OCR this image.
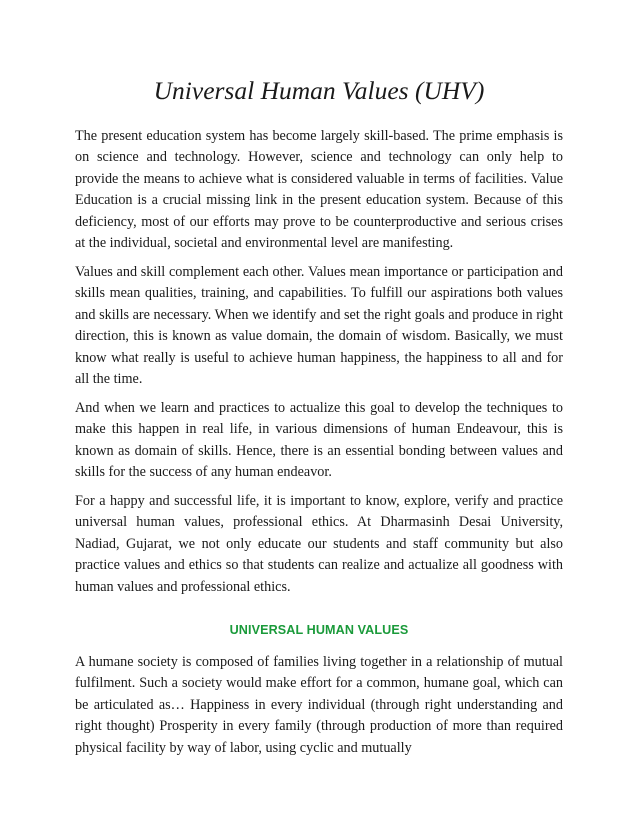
Universal Human Values (UHV)

The present education system has become largely skill-based. The prime emphasis is on science and technology. However, science and technology can only help to provide the means to achieve what is considered valuable in terms of facilities. Value Education is a crucial missing link in the present education system. Because of this deficiency, most of our efforts may prove to be counterproductive and serious crises at the individual, societal and environmental level are manifesting.

Values and skill complement each other. Values mean importance or participation and skills mean qualities, training, and capabilities. To fulfill our aspirations both values and skills are necessary. When we identify and set the right goals and produce in right direction, this is known as value domain, the domain of wisdom. Basically, we must know what really is useful to achieve human happiness, the happiness to all and for all the time.

And when we learn and practices to actualize this goal to develop the techniques to make this happen in real life, in various dimensions of human Endeavour, this is known as domain of skills. Hence, there is an essential bonding between values and skills for the success of any human endeavor.

For a happy and successful life, it is important to know, explore, verify and practice universal human values, professional ethics. At Dharmasinh Desai University, Nadiad, Gujarat, we not only educate our students and staff community but also practice values and ethics so that students can realize and actualize all goodness with human values and professional ethics.

UNIVERSAL HUMAN VALUES

A humane society is composed of families living together in a relationship of mutual fulfilment. Such a society would make effort for a common, humane goal, which can be articulated as… Happiness in every individual (through right understanding and right thought) Prosperity in every family (through production of more than required physical facility by way of labor, using cyclic and mutually
